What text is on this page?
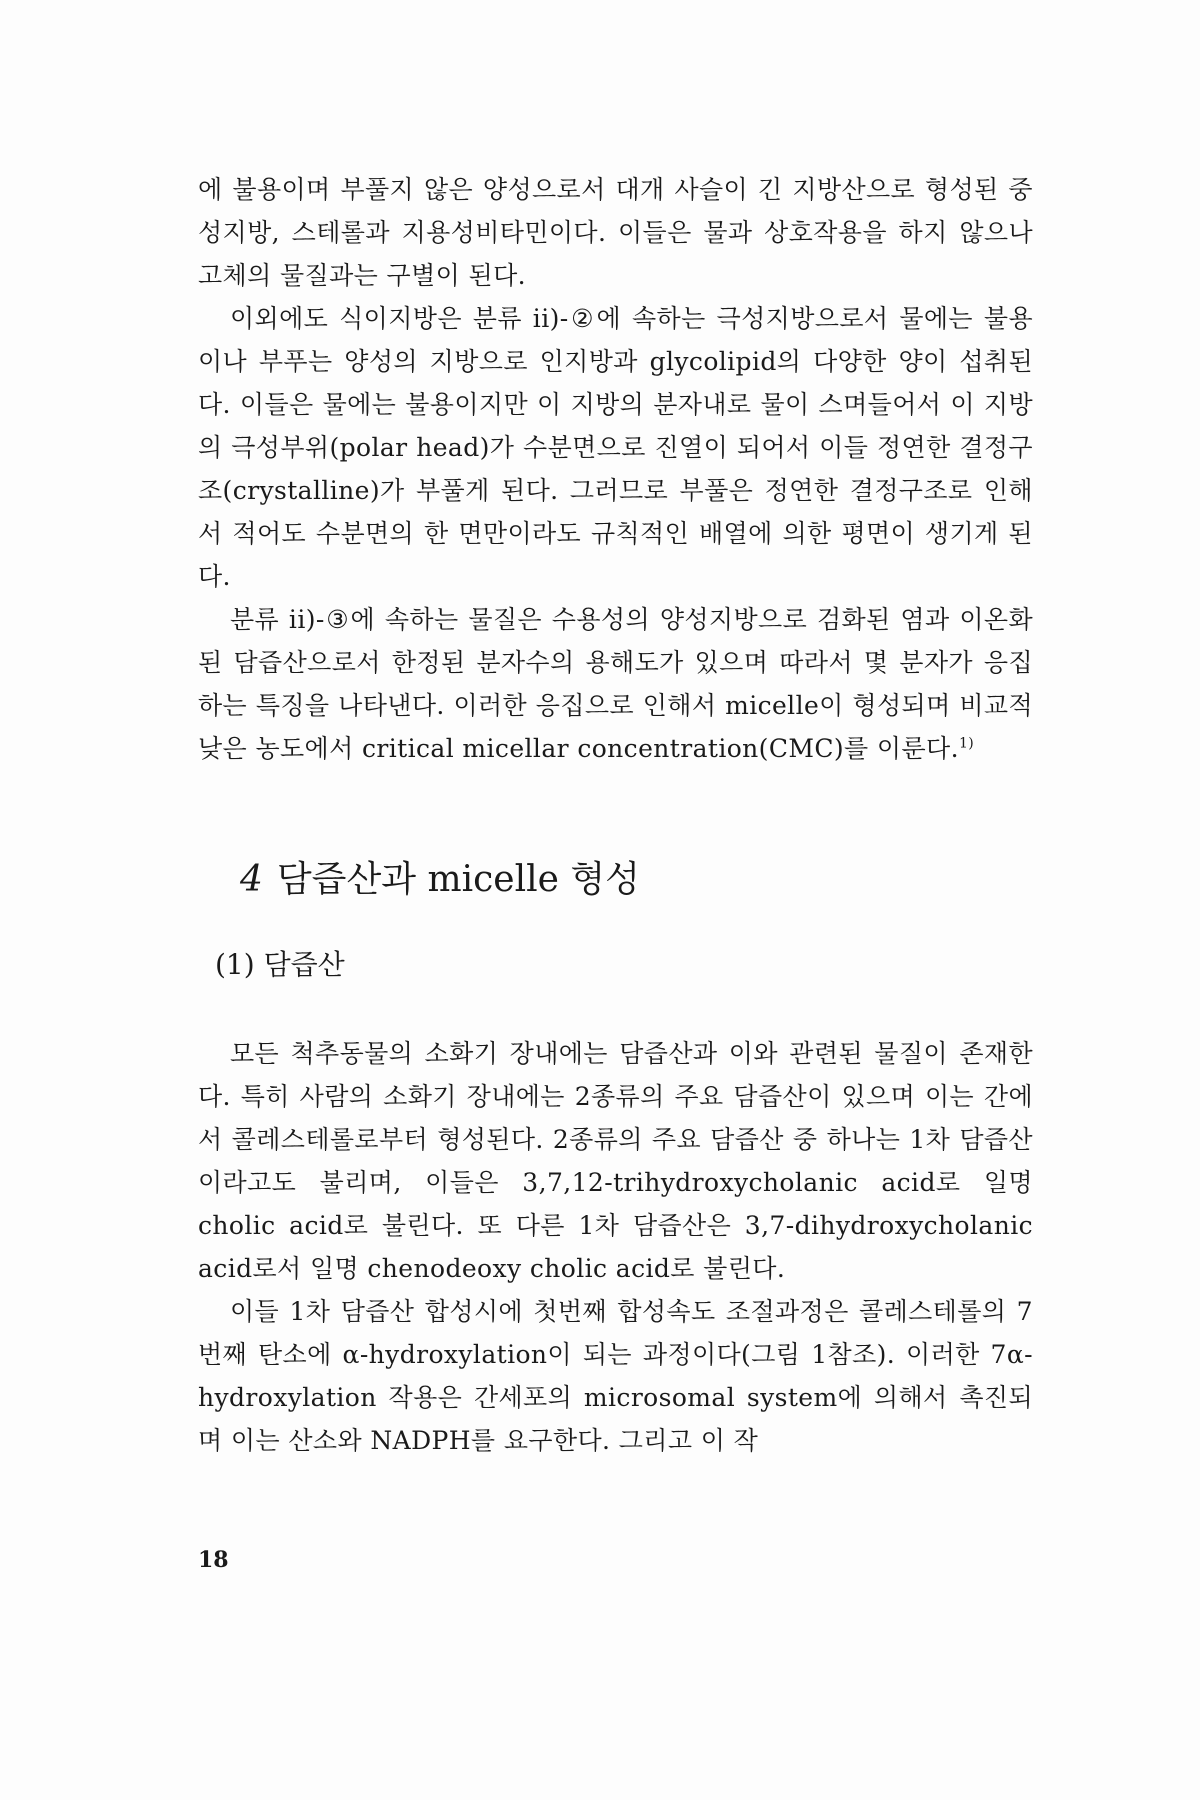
에 불용이며 부풀지 않은 양성으로서 대개 사슬이 긴 지방산으로 형성된 중성지방, 스테롤과 지용성비타민이다. 이들은 물과 상호작용을 하지 않으나 고체의 물질과는 구별이 된다.

이외에도 식이지방은 분류 ii)-②에 속하는 극성지방으로서 물에는 불용이나 부푸는 양성의 지방으로 인지방과 glycolipid의 다양한 양이 섭취된다. 이들은 물에는 불용이지만 이 지방의 분자내로 물이 스며들어서 이 지방의 극성부위(polar head)가 수분면으로 진열이 되어서 이들 정연한 결정구조(crystalline)가 부풀게 된다. 그러므로 부풀은 정연한 결정구조로 인해서 적어도 수분면의 한 면만이라도 규칙적인 배열에 의한 평면이 생기게 된다.

분류 ii)-③에 속하는 물질은 수용성의 양성지방으로 검화된 염과 이온화된 담즙산으로서 한정된 분자수의 용해도가 있으며 따라서 몇 분자가 응집하는 특징을 나타낸다. 이러한 응집으로 인해서 micelle이 형성되며 비교적 낮은 농도에서 critical micellar concentration(CMC)를 이룬다.$^{1)}$

4 담즙산과 micelle 형성
(1) 담즙산

모든 척추동물의 소화기 장내에는 담즙산과 이와 관련된 물질이 존재한다. 특히 사람의 소화기 장내에는 2종류의 주요 담즙산이 있으며 이는 간에서 콜레스테롤로부터 형성된다. 2종류의 주요 담즙산 중 하나는 1차 담즙산이라고도 불리며, 이들은 3,7,12-trihydroxycholanic acid로 일명 cholic acid로 불린다. 또 다른 1차 담즙산은 3,7-dihydroxycholanic acid로서 일명 chenodeoxy cholic acid로 불린다.

이들 1차 담즙산 합성시에 첫번째 합성속도 조절과정은 콜레스테롤의 7번째 탄소에 α-hydroxylation이 되는 과정이다(그림 1참조). 이러한 7α-hydroxylation 작용은 간세포의 microsomal system에 의해서 촉진되며 이는 산소와 NADPH를 요구한다. 그리고 이 작

18
